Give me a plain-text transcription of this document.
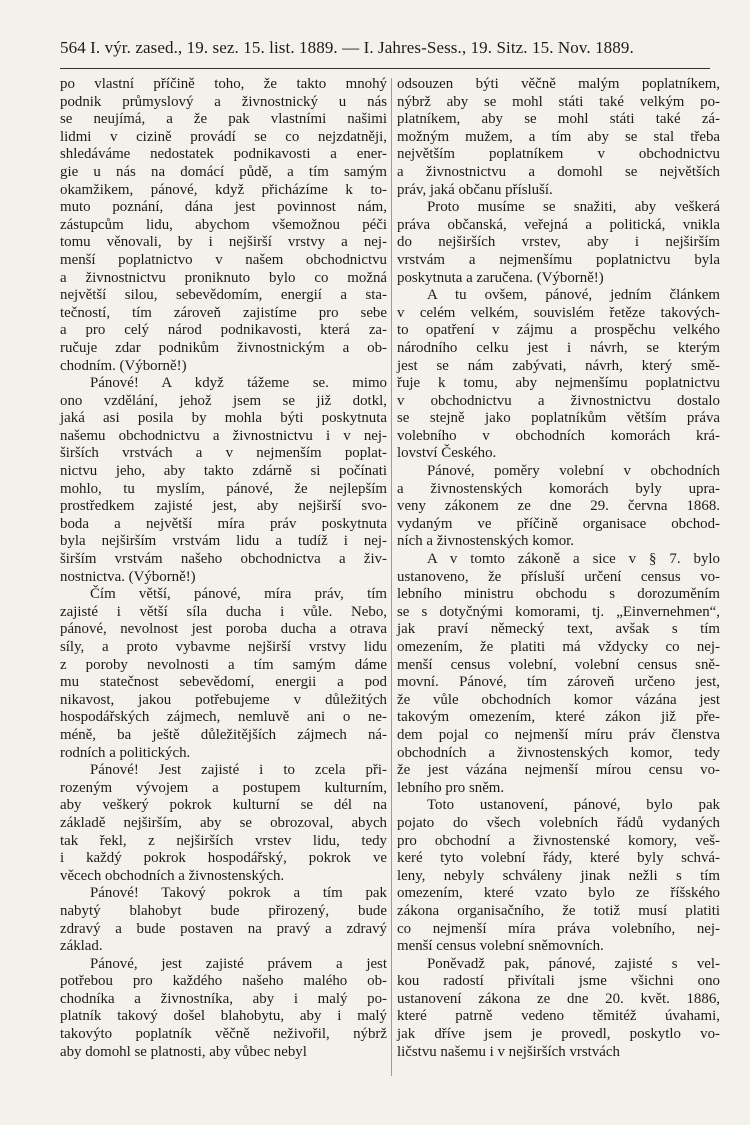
564 I. výr. zased., 19. sez. 15. list. 1889. — I. Jahres-Sess., 19. Sitz. 15. Nov. 1889.

po vlastní příčině toho, že takto mnohý
podnik průmyslový a živnostnický u nás
se neujímá, a že pak vlastními našimi
lidmi v cizině provádí se co nejzdatněji,
shledáváme nedostatek podnikavosti a ener-
gie u nás na domácí půdě, a tím samým
okamžikem, pánové, když přicházíme k to-
muto poznání, dána jest povinnost nám,
zástupcům lidu, abychom všemožnou péči
tomu věnovali, by i nejširší vrstvy a nej-
menší poplatnictvo v našem obchodnictvu
a živnostnictvu proniknuto bylo co možná
největší silou, sebevědomím, energií a sta-
tečností, tím zároveň zajistíme pro sebe
a pro celý národ podnikavosti, která za-
ručuje zdar podnikům živnostnickým a ob-
chodním. (Výborně!)

Pánové! A když tážeme se. mimo
ono vzdělání, jehož jsem se již dotkl,
jaká asi posila by mohla býti poskytnuta
našemu obchodnictvu a živnostnictvu i v nej-
širších vrstvách a v nejmenším poplat-
nictvu jeho, aby takto zdárně si počínati
mohlo, tu myslím, pánové, že nejlepším
prostředkem zajisté jest, aby nejširší svo-
boda a největší míra práv poskytnuta
byla nejširším vrstvám lidu a tudíž i nej-
širším vrstvám našeho obchodnictva a živ-
nostnictva. (Výborně!)

Čím větší, pánové, míra práv, tím
zajisté i větší síla ducha i vůle. Nebo,
pánové, nevolnost jest poroba ducha a otrava
síly, a proto vybavme nejširší vrstvy lidu
z poroby nevolnosti a tím samým dáme
mu statečnost sebevědomí, energii a pod
nikavost, jakou potřebujeme v důležitých
hospodářských zájmech, nemluvě ani o ne-
méně, ba ještě důležitějších zájmech ná-
rodních a politických.

Pánové! Jest zajisté i to zcela při-
rozeným vývojem a postupem kulturním,
aby veškerý pokrok kulturní se dél na
základě nejširším, aby se obrozoval, abych
tak řekl, z nejširších vrstev lidu, tedy
i každý pokrok hospodářský, pokrok ve
věcech obchodních a živnostenských.

Pánové! Takový pokrok a tím pak
nabytý blahobyt bude přirozený, bude
zdravý a bude postaven na pravý a zdravý
základ.

Pánové, jest zajisté právem a jest
potřebou pro každého našeho malého ob-
chodníka a živnostníka, aby i malý po-
platník takový došel blahobytu, aby i malý
takovýto poplatník věčně neživořil, nýbrž
aby domohl se platnosti, aby vůbec nebyl

odsouzen býti věčně malým poplatníkem,
nýbrž aby se mohl státi také velkým po-
platníkem, aby se mohl státi také zá-
možným mužem, a tím aby se stal třeba
největším poplatníkem v obchodnictvu
a živnostnictvu a domohl se největších
práv, jaká občanu přísluší.

Proto musíme se snažiti, aby veškerá
práva občanská, veřejná a politická, vnikla
do nejširších vrstev, aby i nejširším
vrstvám a nejmenšímu poplatnictvu byla
poskytnuta a zaručena. (Výborně!)

A tu ovšem, pánové, jedním článkem
v celém velkém, souvislém řetěze takových-
to opatření v zájmu a prospěchu velkého
národního celku jest i návrh, se kterým
jest se nám zabývati, návrh, který smě-
řuje k tomu, aby nejmenšímu poplatnictvu
v obchodnictvu a živnostnictvu dostalo
se stejně jako poplatníkům větším práva
volebního v obchodních komorách krá-
lovství Českého.

Pánové, poměry volební v obchodních
a živnostenských komorách byly upra-
veny zákonem ze dne 29. června 1868.
vydaným ve příčině organisace obchod-
ních a živnostenských komor.

A v tomto zákoně a sice v § 7. bylo
ustanoveno, že přísluší určení census vo-
lebního ministru obchodu s dorozuměním
se s dotyčnými komorami, tj. „Einvernehmen“,
jak praví německý text, avšak s tím
omezením, že platiti má vždycky co nej-
menší census volební, volební census sně-
movní. Pánové, tím zároveň určeno jest,
že vůle obchodních komor vázána jest
takovým omezením, které zákon již pře-
dem pojal co nejmenší míru práv členstva
obchodních a živnostenských komor, tedy
že jest vázána nejmenší mírou censu vo-
lebního pro sněm.

Toto ustanovení, pánové, bylo pak
pojato do všech volebních řádů vydaných
pro obchodní a živnostenské komory, veš-
keré tyto volební řády, které byly schvá-
leny, nebyly schváleny jinak nežli s tím
omezením, které vzato bylo ze říšského
zákona organisačního, že totiž musí platiti
co nejmenší míra práva volebního, nej-
menší census volební sněmovních.

Poněvadž pak, pánové, zajisté s vel-
kou radostí přivítali jsme všichni ono
ustanovení zákona ze dne 20. květ. 1886,
které patrně vedeno těmitéž úvahami,
jak dříve jsem je provedl, poskytlo vo-
ličstvu našemu i v nejširších vrstvách
